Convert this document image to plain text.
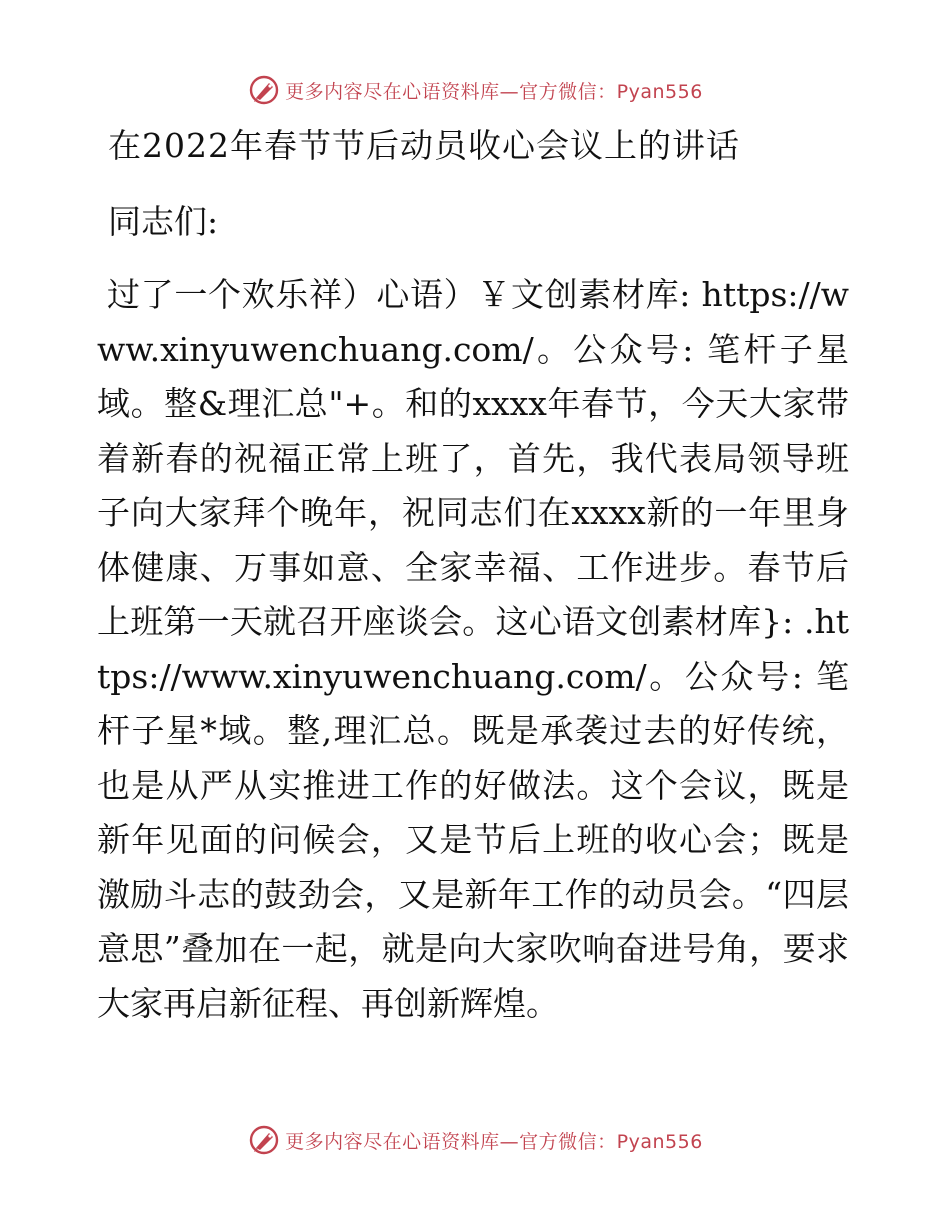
更多内容尽在心语资料库—官方微信：Pyan556
在2022年春节节后动员收心会议上的讲话
同志们:

过了一个欢乐祥）心语）￥文创素材库: https://www.xinyuwenchuang.com/。公众号: 笔杆子星域。整&理汇总"+。和的xxxx年春节，今天大家带着新春的祝福正常上班了，首先，我代表局领导班子向大家拜个晚年，祝同志们在xxxx新的一年里身体健康、万事如意、全家幸福、工作进步。春节后上班第一天就召开座谈会。这心语文创素材库}: .https://www.xinyuwenchuang.com/。公众号: 笔杆子星*域。整,理汇总。既是承袭过去的好传统，也是从严从实推进工作的好做法。这个会议，既是新年见面的问候会，又是节后上班的收心会；既是激励斗志的鼓劲会，又是新年工作的动员会。“四层意思”叠加在一起，就是向大家吹响奋进号角，要求大家再启新征程、再创新辉煌。

更多内容尽在心语资料库—官方微信：Pyan556
